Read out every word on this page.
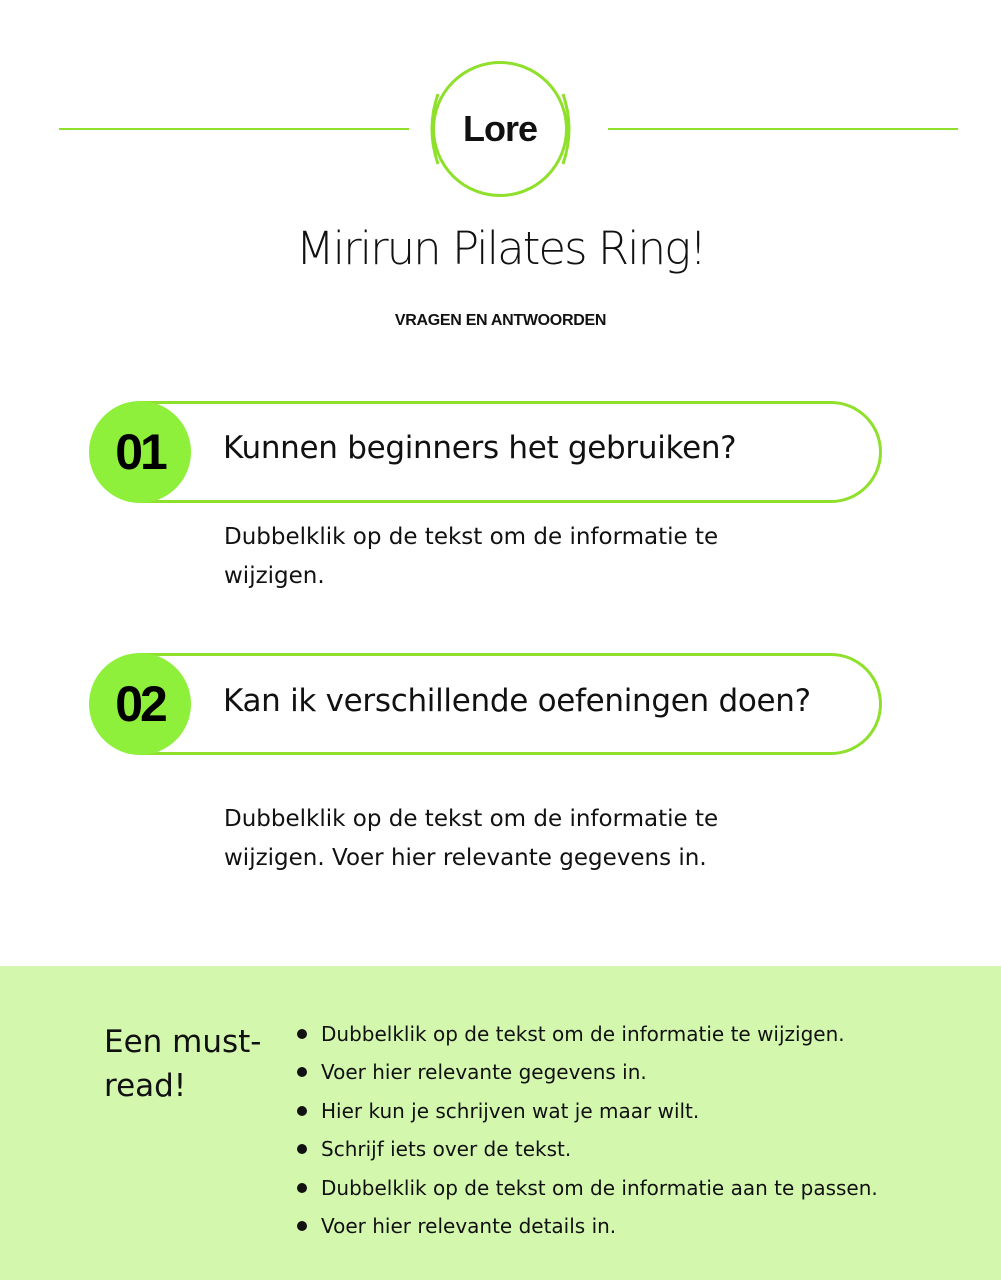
Lore
Mirirun Pilates Ring!
VRAGEN EN ANTWOORDEN
01	Kunnen beginners het gebruiken?
Dubbelklik op de tekst om de informatie te wijzigen.
02	Kan ik verschillende oefeningen doen?
Dubbelklik op de tekst om de informatie te wijzigen. Voer hier relevante gegevens in.
Een must-read!
Dubbelklik op de tekst om de informatie te wijzigen.
Voer hier relevante gegevens in.
Hier kun je schrijven wat je maar wilt.
Schrijf iets over de tekst.
Dubbelklik op de tekst om de informatie aan te passen.
Voer hier relevante details in.
